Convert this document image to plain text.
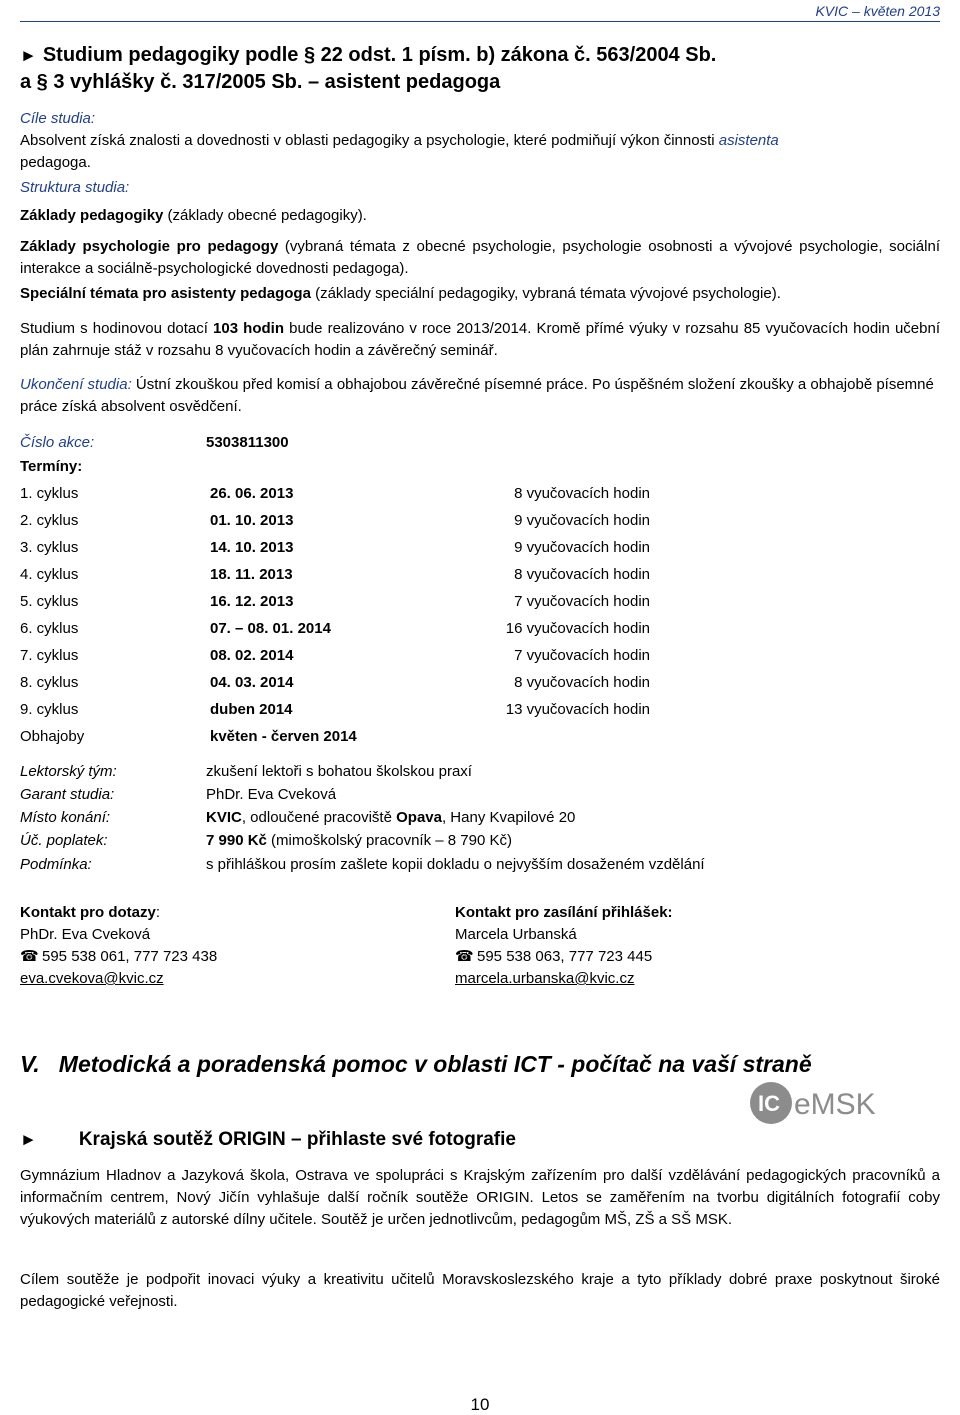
KVIC – květen 2013
► Studium pedagogiky podle § 22 odst. 1 písm. b) zákona č. 563/2004 Sb.
a § 3 vyhlášky č. 317/2005 Sb. – asistent pedagoga
Cíle studia:
Absolvent získá znalosti a dovednosti v oblasti pedagogiky a psychologie, které podmiňují výkon činnosti asistenta
pedagoga.
Struktura studia:
Základy pedagogiky (základy obecné pedagogiky).
Základy psychologie pro pedagogy (vybraná témata z obecné psychologie, psychologie osobnosti a vývojové psychologie, sociální interakce a sociálně-psychologické dovednosti pedagoga).
Speciální témata pro asistenty pedagoga (základy speciální pedagogiky, vybraná témata vývojové psychologie).
Studium s hodinovou dotací 103 hodin bude realizováno v roce 2013/2014. Kromě přímé výuky v rozsahu 85 vyučovacích hodin učební plán zahrnuje stáž v rozsahu 8 vyučovacích hodin a závěrečný seminář.
Ukončení studia: Ústní zkouškou před komisí a obhajobou závěrečné písemné práce. Po úspěšném složení zkoušky a obhajobě písemné práce získá absolvent osvědčení.
Číslo akce:	5303811300
Termíny:
1. cyklus	26. 06. 2013	8 vyučovacích hodin
2. cyklus	01. 10. 2013	9 vyučovacích hodin
3. cyklus	14. 10. 2013	9 vyučovacích hodin
4. cyklus	18. 11. 2013	8 vyučovacích hodin
5. cyklus	16. 12. 2013	7 vyučovacích hodin
6. cyklus	07. – 08. 01. 2014	16 vyučovacích hodin
7. cyklus	08. 02. 2014	7 vyučovacích hodin
8. cyklus	04. 03. 2014	8 vyučovacích hodin
9. cyklus	duben 2014	13 vyučovacích hodin
Obhajoby	květen - červen 2014
Lektorský tým:	zkušení lektoři s bohatou školskou praxí
Garant studia:	PhDr. Eva Cveková
Místo konání:	KVIC, odloučené pracoviště Opava, Hany Kvapilové 20
Úč. poplatek:	7 990 Kč (mimoškolský pracovník – 8 790 Kč)
Podmínka:	s přihláškou prosím zašlete kopii dokladu o nejvyšším dosaženém vzdělání
Kontakt pro dotazy:
PhDr. Eva Cveková
☎ 595 538 061, 777 723 438
eva.cvekova@kvic.cz
Kontakt pro zasílání přihlášek:
Marcela Urbanská
☎ 595 538 063, 777 723 445
marcela.urbanska@kvic.cz
V.   Metodická a poradenská pomoc v oblasti ICT - počítač na vaší straně
IC eMSK
► Krajská soutěž ORIGIN – přihlaste své fotografie
Gymnázium Hladnov a Jazyková škola, Ostrava ve spolupráci s Krajským zařízením pro další vzdělávání pedagogických pracovníků a informačním centrem, Nový Jičín vyhlašuje další ročník soutěže ORIGIN. Letos se zaměřením na tvorbu digitálních fotografií coby výukových materiálů z autorské dílny učitele. Soutěž je určen jednotlivcům, pedagogům MŠ, ZŠ a SŠ MSK.
Cílem soutěže je podpořit inovaci výuky a kreativitu učitelů Moravskoslezského kraje a tyto příklady dobré praxe poskytnout široké pedagogické veřejnosti.
10
